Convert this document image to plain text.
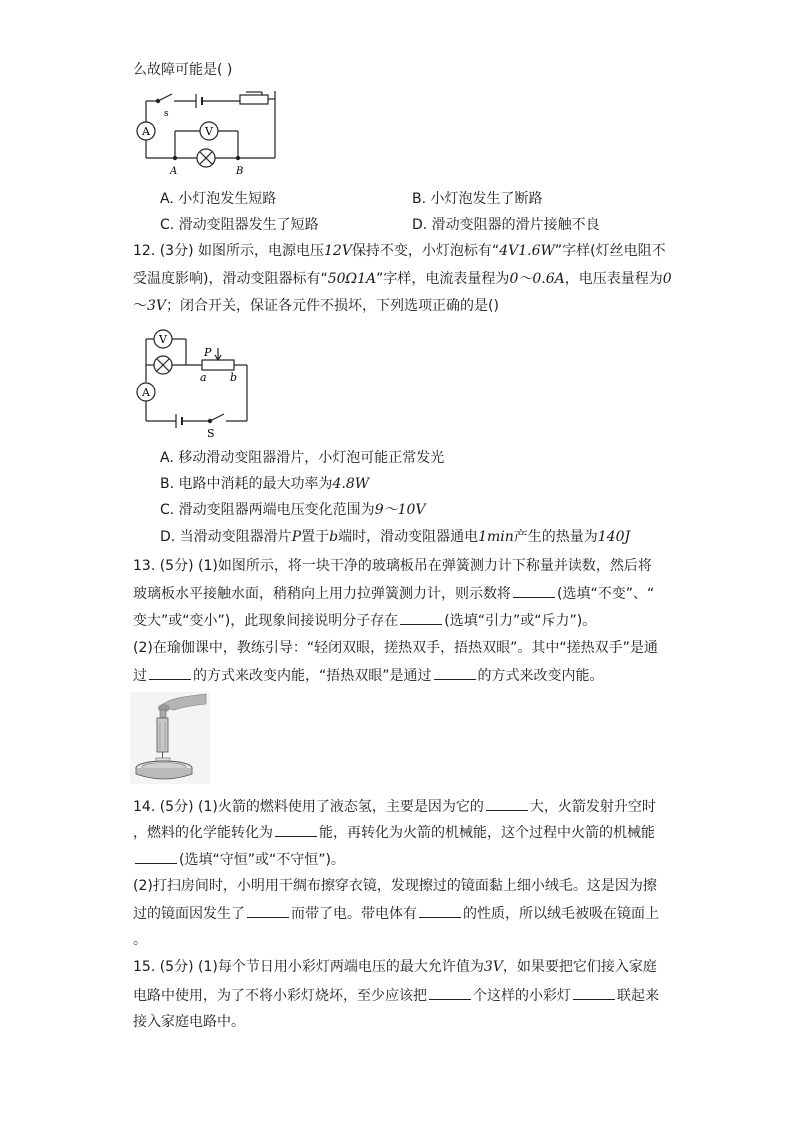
么故障可能是( )
A	V
s
A	B
A. 小灯泡发生短路	B. 小灯泡发生了断路
C. 滑动变阻器发生了短路	D. 滑动变阻器的滑片接触不良
12. (3分) 如图所示，电源电压12V保持不变，小灯泡标有“4V1.6W”字样(灯丝电阻不
受温度影响)，滑动变阻器标有“50Ω1A”字样，电流表量程为0～0.6A，电压表量程为0
～3V；闭合开关，保证各元件不损坏，下列选项正确的是()
V
A
P
a b
S
A. 移动滑动变阻器滑片，小灯泡可能正常发光
B. 电路中消耗的最大功率为4.8W
C. 滑动变阻器两端电压变化范围为9～10V
D. 当滑动变阻器滑片P置于b端时，滑动变阻器通电1min产生的热量为140J
13. (5分) (1)如图所示，将一块干净的玻璃板吊在弹簧测力计下称量并读数，然后将
玻璃板水平接触水面，稍稍向上用力拉弹簧测力计，则示数将	(选填“不变”、“
变大”或“变小”)，此现象间接说明分子存在	(选填“引力”或“斥力”)。
(2)在瑜伽课中，教练引导：“轻闭双眼，搓热双手，捂热双眼”。其中“搓热双手”是通
过	的方式来改变内能，“捂热双眼”是通过	的方式来改变内能。
14. (5分) (1)火箭的燃料使用了液态氢，主要是因为它的	大，火箭发射升空时
，燃料的化学能转化为	能，再转化为火箭的机械能，这个过程中火箭的机械能
(选填“守恒”或“不守恒”)。
(2)打扫房间时，小明用干绸布擦穿衣镜，发现擦过的镜面黏上细小绒毛。这是因为擦
过的镜面因发生了	而带了电。带电体有	的性质，所以绒毛被吸在镜面上
。
15. (5分) (1)每个节日用小彩灯两端电压的最大允许值为3V，如果要把它们接入家庭
电路中使用，为了不将小彩灯烧坏，至少应该把	个这样的小彩灯	联起来
接入家庭电路中。
